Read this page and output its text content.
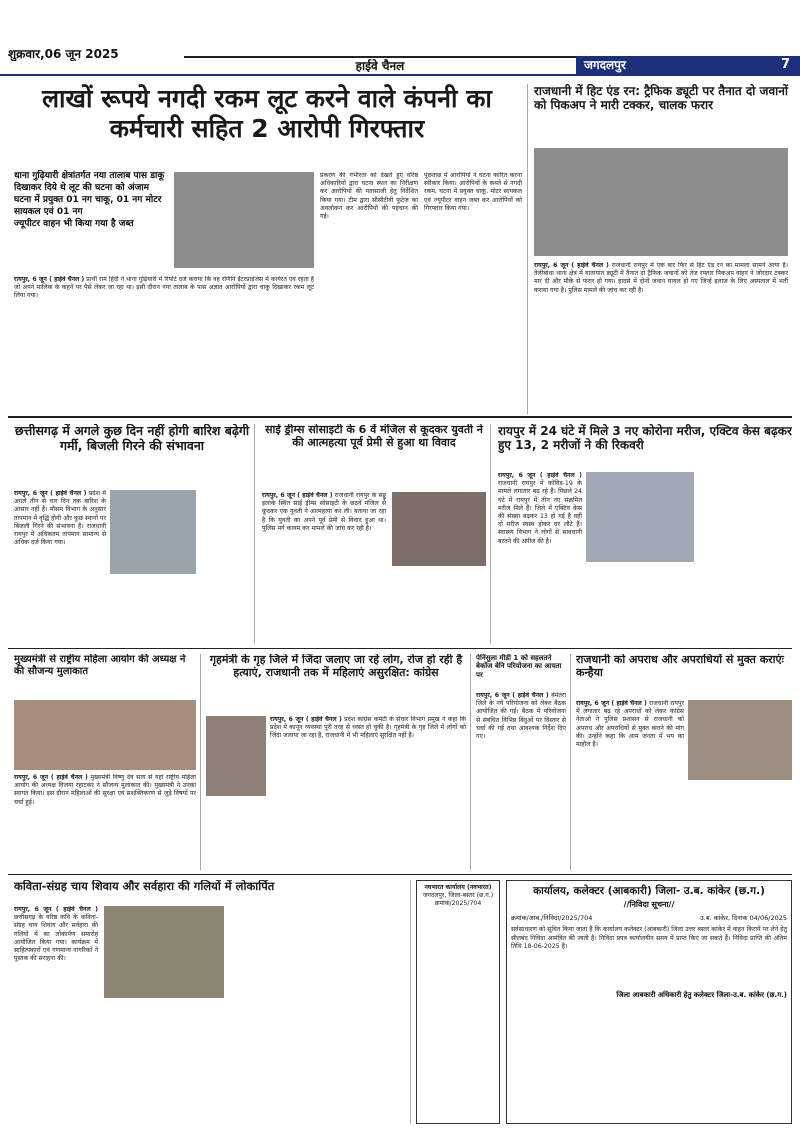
शुक्रवार,06 जून 2025
हाईवे चैनल	जगदलपुर	7
लाखों रूपये नगदी रकम लूट करने वाले कंपनी का कर्मचारी सहित 2 आरोपी गिरफ्तार
धाना गुढ़ियारी क्षेत्रांतर्गत नया तालाब पास डाकू दिखाकर दिये थे लूट की घटना को अंजाम
घटना में प्रयुक्त 01 नग चाकू, 01 नग मोटर सायकल एवं 01 नग
ज्यूपीटर वाहन भी किया गया है जब्त
रायपुर, 6 जून ( हाईवे चैनल ) प्रार्थी राम हिंदी ने थाना गुढ़ियारी में रिपोर्ट दर्ज कराया कि वह रणिनि ईंटरप्राईजेस में कार्यरत एवं रहता है जो अपने मालिक के कहने पर पैसे लेकर जा रहा था। इसी दौरान नया तालाब के पास अज्ञात आरोपियों द्वारा चाकू दिखाकर रकम लूट लिया गया।
प्रकरण की गंभीरता को देखते हुए वरिष्ठ अधिकारियों द्वारा घटना स्थल का निरीक्षण कर आरोपियों की पतासाजी हेतु निर्देशित किया गया। टीम द्वारा सीसीटीवी फुटेज का अवलोकन कर आरोपियों की पहचान की गई।
पूछताछ में आरोपियों ने घटना कारित करना स्वीकार किया। आरोपियों के कब्जे से नगदी रकम, घटना में प्रयुक्त चाकू, मोटर सायकल एवं ज्यूपीटर वाहन जब्त कर आरोपियों को गिरफ्तार किया गया।
राजधानी में हिट एंड रन: ट्रैफिक ड्यूटी पर तैनात दो जवानों को पिकअप ने मारी टक्कर, चालक फरार
रायपुर, 6 जून ( हाईवे चैनल ) राजधानी रायपुर में एक बार फिर से हिट एंड रन का मामला सामने आया है। तेलीबांधा थाना क्षेत्र में यातायात ड्यूटी में तैनात दो ट्रैफिक जवानों को तेज रफ्तार पिकअप वाहन ने जोरदार टक्कर मार दी और मौके से फरार हो गया। हादसे में दोनों जवान घायल हो गए जिन्हें इलाज के लिए अस्पताल में भर्ती कराया गया है। पुलिस मामले की जांच कर रही है।
छत्तीसगढ़ में अगले कुछ दिन नहीं होगी बारिश बढ़ेगी गर्मी, बिजली गिरने की संभावना
रायपुर, 6 जून ( हाईवे चैनल ) प्रदेश में अगले तीन से चार दिन तक बारिश के आसार नहीं हैं। मौसम विभाग के अनुसार तापमान में वृद्धि होगी और कुछ स्थानों पर बिजली गिरने की संभावना है। राजधानी रायपुर में अधिकतम तापमान सामान्य से अधिक दर्ज किया गया।
साई ड्रीम्स सोसाइटी के 6 वें मंजिल से कूदकर युवती ने की आत्महत्या पूर्व प्रेमी से हुआ था विवाद
रायपुर, 6 जून ( हाईवे चैनल ) राजधानी रायपुर के सड्डू इलाके स्थित साई ड्रीम्स सोसाइटी के छठवें मंजिल से कूदकर एक युवती ने आत्महत्या कर ली। बताया जा रहा है कि युवती का अपने पूर्व प्रेमी से विवाद हुआ था। पुलिस मर्ग कायम कर मामले की जांच कर रही है।
रायपुर में 24 घंटे में मिले 3 नए कोरोना मरीज, एक्टिव केस बढ़कर हुए 13, 2 मरीजों ने की रिकवरी
रायपुर, 6 जून ( हाईवे चैनल ) राजधानी रायपुर में कोविड-19 के मामले लगातार बढ़ रहे हैं। पिछले 24 घंटे में रायपुर में तीन नए संक्रमित मरीज मिले हैं। जिले में एक्टिव केस की संख्या बढ़कर 13 हो गई है वहीं दो मरीज स्वस्थ होकर घर लौटे हैं। स्वास्थ्य विभाग ने लोगों से सावधानी बरतने की अपील की है।
मुख्यमंत्री से राष्ट्रीय महिला आयोग की अध्यक्ष ने की सौजन्य मुलाकात
रायपुर, 6 जून ( हाईवे चैनल ) मुख्यमंत्री विष्णु देव साय से यहां राष्ट्रीय महिला आयोग की अध्यक्ष विजया रहाटकर ने सौजन्य मुलाकात की। मुख्यमंत्री ने उनका स्वागत किया। इस दौरान महिलाओं की सुरक्षा एवं सशक्तिकरण से जुड़े विषयों पर चर्चा हुई।
गृहमंत्री के गृह जिले में जिंदा जलाए जा रहे लोग, रोज हो रही है हत्याएं, राजधानी तक में महिलाएं असुरक्षित: कांग्रेस
रायपुर, 6 जून ( हाईवे चैनल ) प्रदेश कांग्रेस कमेटी के संचार विभाग प्रमुख ने कहा कि प्रदेश में कानून व्यवस्था पूरी तरह से ध्वस्त हो चुकी है। गृहमंत्री के गृह जिले में लोगों को जिंदा जलाया जा रहा है, राजधानी में भी महिलाएं सुरक्षित नहीं हैं।
पेनिंसुला मीडी 1 को सहलतने बेर्कोज बेनि परियोजना का आयता पर
रायपुर, 6 जून ( हाईवे चैनल ) बेमेतरा जिले के नये परियोजना को लेकर बैठक आयोजित की गई। बैठक में परियोजना से संबंधित विभिन्न बिंदुओं पर विस्तार से चर्चा की गई तथा आवश्यक निर्देश दिए गए।
राजधानी को अपराध और अपराधियों से मुक्त कराएंः कन्हैया
रायपुर, 6 जून ( हाईवे चैनल ) राजधानी रायपुर में लगातार बढ़ रहे अपराधों को लेकर कांग्रेस नेताओं ने पुलिस प्रशासन से राजधानी को अपराध और अपराधियों से मुक्त कराने की मांग की। उन्होंने कहा कि आम जनता में भय का माहौल है।
कविता-संग्रह चाय शिवाय और सर्वहारा की गलियों में लोकार्पित
रायपुर, 6 जून ( हाईवे चैनल ) छत्तीसगढ़ के वरिष्ठ कवि के कविता-संग्रह चाय शिवाय और सर्वहारा की गलियों में का लोकार्पण समारोह आयोजित किया गया। कार्यक्रम में साहित्यकारों एवं गणमान्य नागरिकों ने पुस्तक की सराहना की।
नवभारत कार्यालय (नवभारत)
जगदलपुर, जिला-बस्तर (छ.ग.)
क्रमांक/2025/704
कार्यालय, कलेक्टर (आबकारी) जिला- उ.ब. कांकेर (छ.ग.)
//निविदा सूचना//
क्रमांक/आब./निविदा/2025/704	उ.ब. कांकेर, दिनांक 04/06/2025
सर्वसाधारण को सूचित किया जाता है कि कार्यालय कलेक्टर (आबकारी) जिला उत्तर बस्तर कांकेर में वाहन किराये पर लेने हेतु सीलबंद निविदा आमंत्रित की जाती है। निविदा प्रपत्र कार्यालयीन समय में प्राप्त किए जा सकते हैं। निविदा प्राप्ति की अंतिम तिथि 18-06-2025 है।
जिला आबकारी अधिकारी हेतु कलेक्टर जिला-उ.ब. कांकेर (छ.ग.)
